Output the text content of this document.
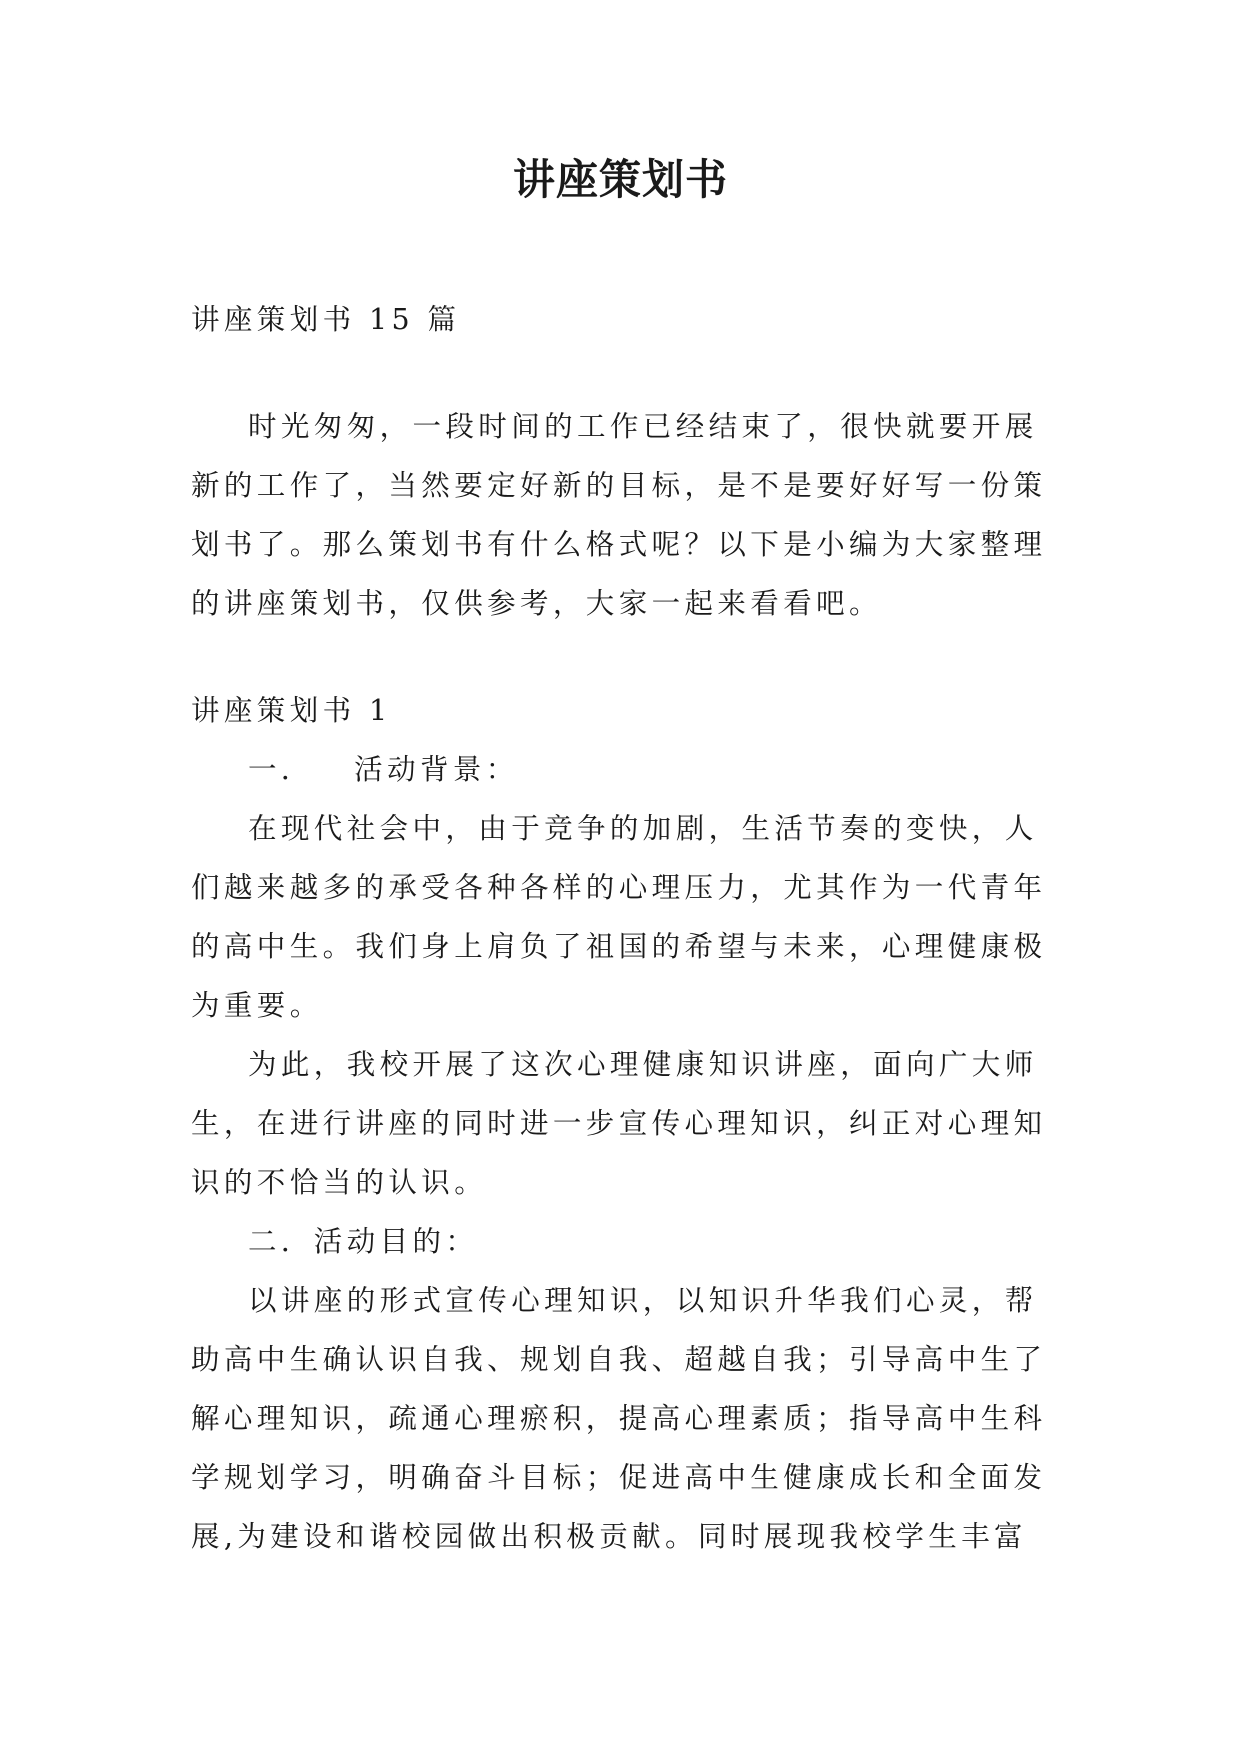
讲座策划书

讲座策划书 15 篇

时光匆匆，一段时间的工作已经结束了，很快就要开展新的工作了，当然要定好新的目标，是不是要好好写一份策划书了。那么策划书有什么格式呢？以下是小编为大家整理的讲座策划书，仅供参考，大家一起来看看吧。

讲座策划书 1

一．   活动背景：

在现代社会中，由于竞争的加剧，生活节奏的变快，人们越来越多的承受各种各样的心理压力，尤其作为一代青年的高中生。我们身上肩负了祖国的希望与未来，心理健康极为重要。

为此，我校开展了这次心理健康知识讲座，面向广大师生，在进行讲座的同时进一步宣传心理知识，纠正对心理知识的不恰当的认识。

二．活动目的：

以讲座的形式宣传心理知识，以知识升华我们心灵，帮助高中生确认识自我、规划自我、超越自我；引导高中生了解心理知识，疏通心理瘀积，提高心理素质；指导高中生科学规划学习，明确奋斗目标；促进高中生健康成长和全面发展,为建设和谐校园做出积极贡献。同时展现我校学生丰富
